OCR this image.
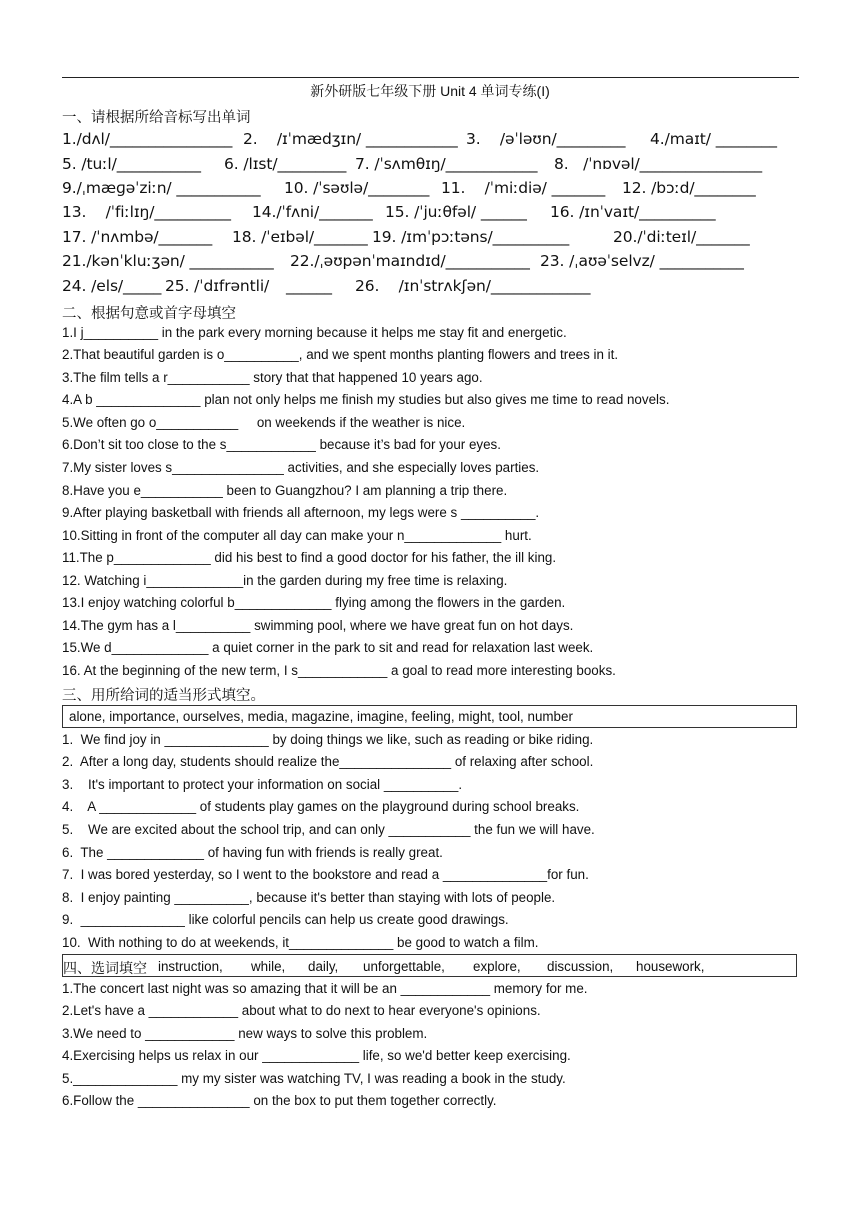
新外研版七年级下册 Unit 4 单词专练(I)
一、请根据所给音标写出单词
1./dʌl/________________ 2.    /ɪˈmædʒɪn/ ____________ 3.    /əˈləʊn/_________ 4./maɪt/ ________
5. /tuːl/___________ 6. /lɪst/_________ 7. /ˈsʌmθɪŋ/____________ 8.   /ˈnɒvəl/________________
9./ˌmæɡəˈziːn/ ___________ 10. /ˈsəʊlə/________ 11.    /ˈmiːdiə/ _______ 12. /bɔːd/________
13.    /ˈfiːlɪŋ/__________ 14./ˈfʌni/_______ 15. /ˈjuːθfəl/ ______ 16. /ɪnˈvaɪt/__________
17. /ˈnʌmbə/_______ 18. /ˈeɪbəl/_______ 19. /ɪmˈpɔːtəns/__________	20./ˈdiːteɪl/_______
21./kənˈkluːʒən/ ___________ 22./ˌəʊpənˈmaɪndɪd/___________ 23. /ˌaʊəˈselvz/ ___________
24. /els/_____ 25. /ˈdɪfrəntli/ ______ 26.    /ɪnˈstrʌkʃən/_____________
二、根据句意或首字母填空
1.I j__________ in the park every morning because it helps me stay fit and energetic.
2.That beautiful garden is o__________, and we spent months planting flowers and trees in it.
3.The film tells a r___________ story that that happened 10 years ago.
4.A b ______________ plan not only helps me finish my studies but also gives me time to read novels.
5.We often go o___________     on weekends if the weather is nice.
6.Don’t sit too close to the s____________ because it’s bad for your eyes.
7.My sister loves s_______________ activities, and she especially loves parties.
8.Have you e___________ been to Guangzhou? I am planning a trip there.
9.After playing basketball with friends all afternoon, my legs were s __________.
10.Sitting in front of the computer all day can make your n_____________ hurt.
11.The p_____________ did his best to find a good doctor for his father, the ill king.
12. Watching i_____________in the garden during my free time is relaxing.
13.I enjoy watching colorful b_____________ flying among the flowers in the garden.
14.The gym has a l__________ swimming pool, where we have great fun on hot days.
15.We d_____________ a quiet corner in the park to sit and read for relaxation last week.
16. At the beginning of the new term, I s____________ a goal to read more interesting books.
三、用所给词的适当形式填空。
alone, importance, ourselves, media, magazine, imagine, feeling, might, tool, number
1.  We find joy in ______________ by doing things we like, such as reading or bike riding.
2.  After a long day, students should realize the_______________ of relaxing after school.
3.    It's important to protect your information on social __________.
4.    A _____________ of students play games on the playground during school breaks.
5.    We are excited about the school trip, and can only ___________ the fun we will have.
6.  The _____________ of having fun with friends is really great.
7.  I was bored yesterday, so I went to the bookstore and read a ______________for fun.
8.  I enjoy painting __________, because it's better than staying with lots of people.
9.  ______________ like colorful pencils can help us create good drawings.
10.  With nothing to do at weekends, it______________ be good to watch a film.
四、选词填空 instruction, while, daily, unforgettable, explore, discussion, housework,
1.The concert last night was so amazing that it will be an ____________ memory for me.
2.Let's have a ____________ about what to do next to hear everyone's opinions.
3.We need to ____________ new ways to solve this problem.
4.Exercising helps us relax in our _____________ life, so we'd better keep exercising.
5.______________ my my sister was watching TV, I was reading a book in the study.
6.Follow the _______________ on the box to put them together correctly.
